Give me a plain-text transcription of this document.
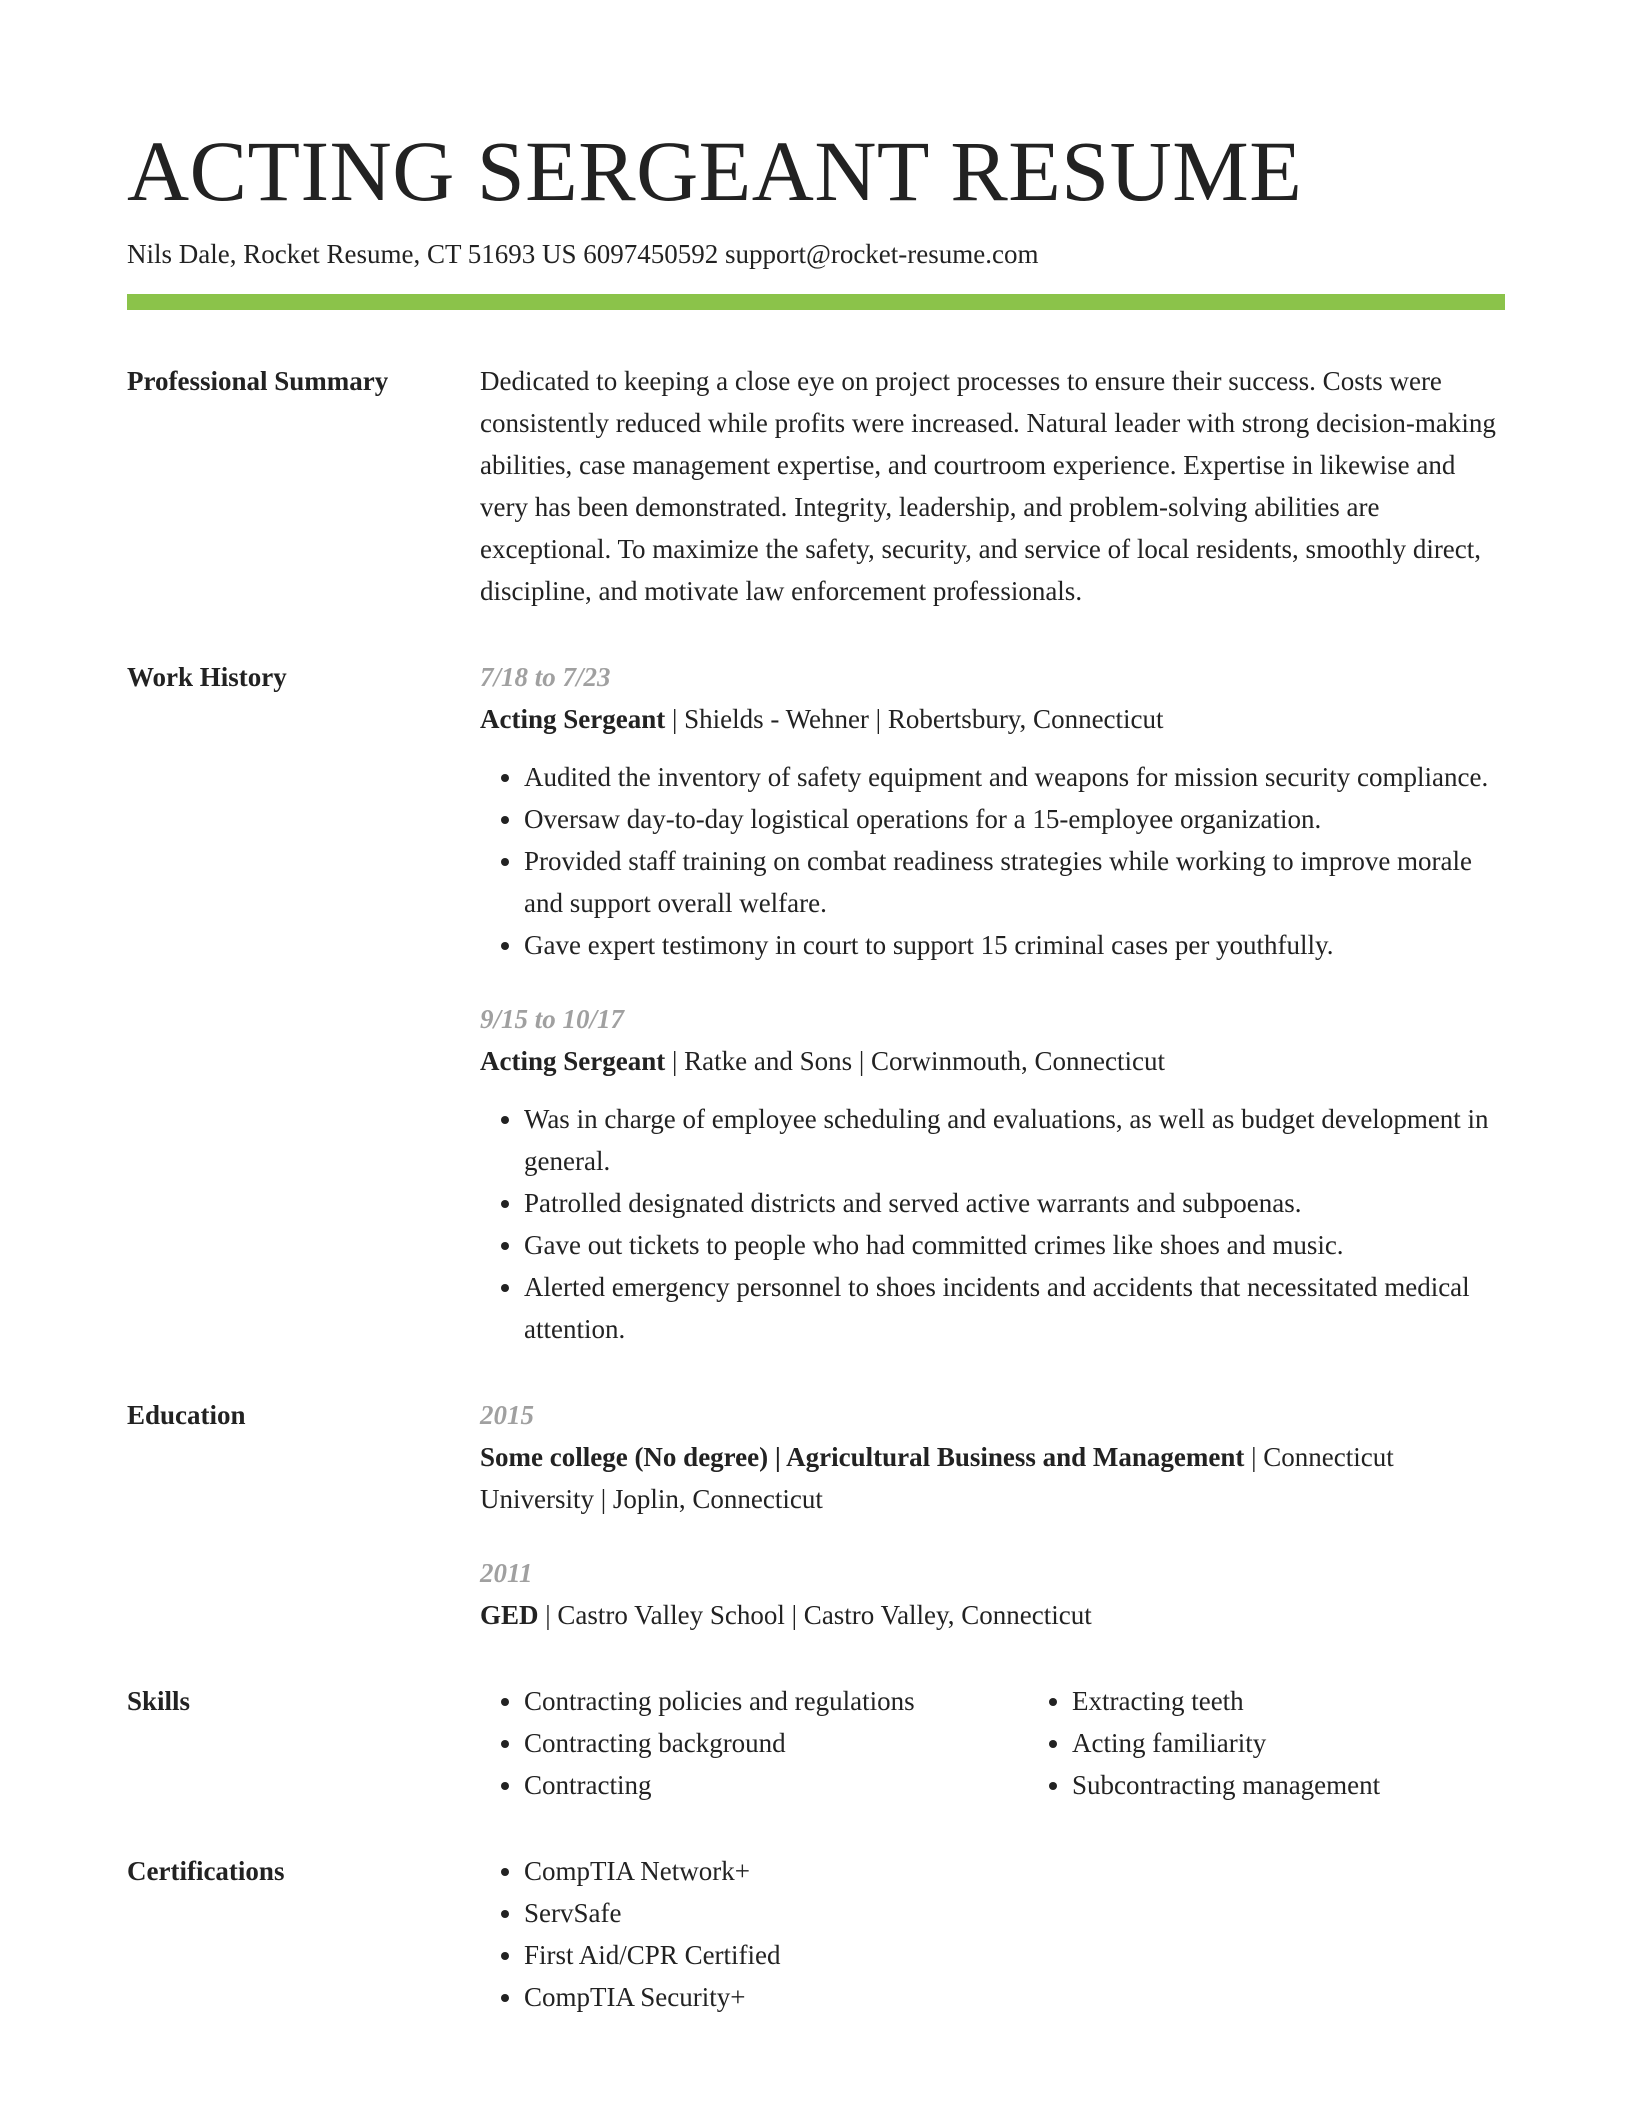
ACTING SERGEANT RESUME
Nils Dale, Rocket Resume, CT 51693 US 6097450592 support@rocket-resume.com
Professional Summary	Dedicated to keeping a close eye on project processes to ensure their success. Costs were consistently reduced while profits were increased. Natural leader with strong decision-making abilities, case management expertise, and courtroom experience. Expertise in likewise and very has been demonstrated. Integrity, leadership, and problem-solving abilities are exceptional. To maximize the safety, security, and service of local residents, smoothly direct, discipline, and motivate law enforcement professionals.

Work History	7/18 to 7/23
Acting Sergeant | Shields - Wehner | Robertsbury, Connecticut
• Audited the inventory of safety equipment and weapons for mission security compliance.
• Oversaw day-to-day logistical operations for a 15-employee organization.
• Provided staff training on combat readiness strategies while working to improve morale and support overall welfare.
• Gave expert testimony in court to support 15 criminal cases per youthfully.
9/15 to 10/17
Acting Sergeant | Ratke and Sons | Corwinmouth, Connecticut
• Was in charge of employee scheduling and evaluations, as well as budget development in general.
• Patrolled designated districts and served active warrants and subpoenas.
• Gave out tickets to people who had committed crimes like shoes and music.
• Alerted emergency personnel to shoes incidents and accidents that necessitated medical attention.
Education	2015
Some college (No degree) | Agricultural Business and Management | Connecticut University | Joplin, Connecticut
2011
GED | Castro Valley School | Castro Valley, Connecticut
Skills	• Contracting policies and regulations
• Contracting background
• Contracting
• Extracting teeth
• Acting familiarity
• Subcontracting management
Certifications	• CompTIA Network+
• ServSafe
• First Aid/CPR Certified
• CompTIA Security+
